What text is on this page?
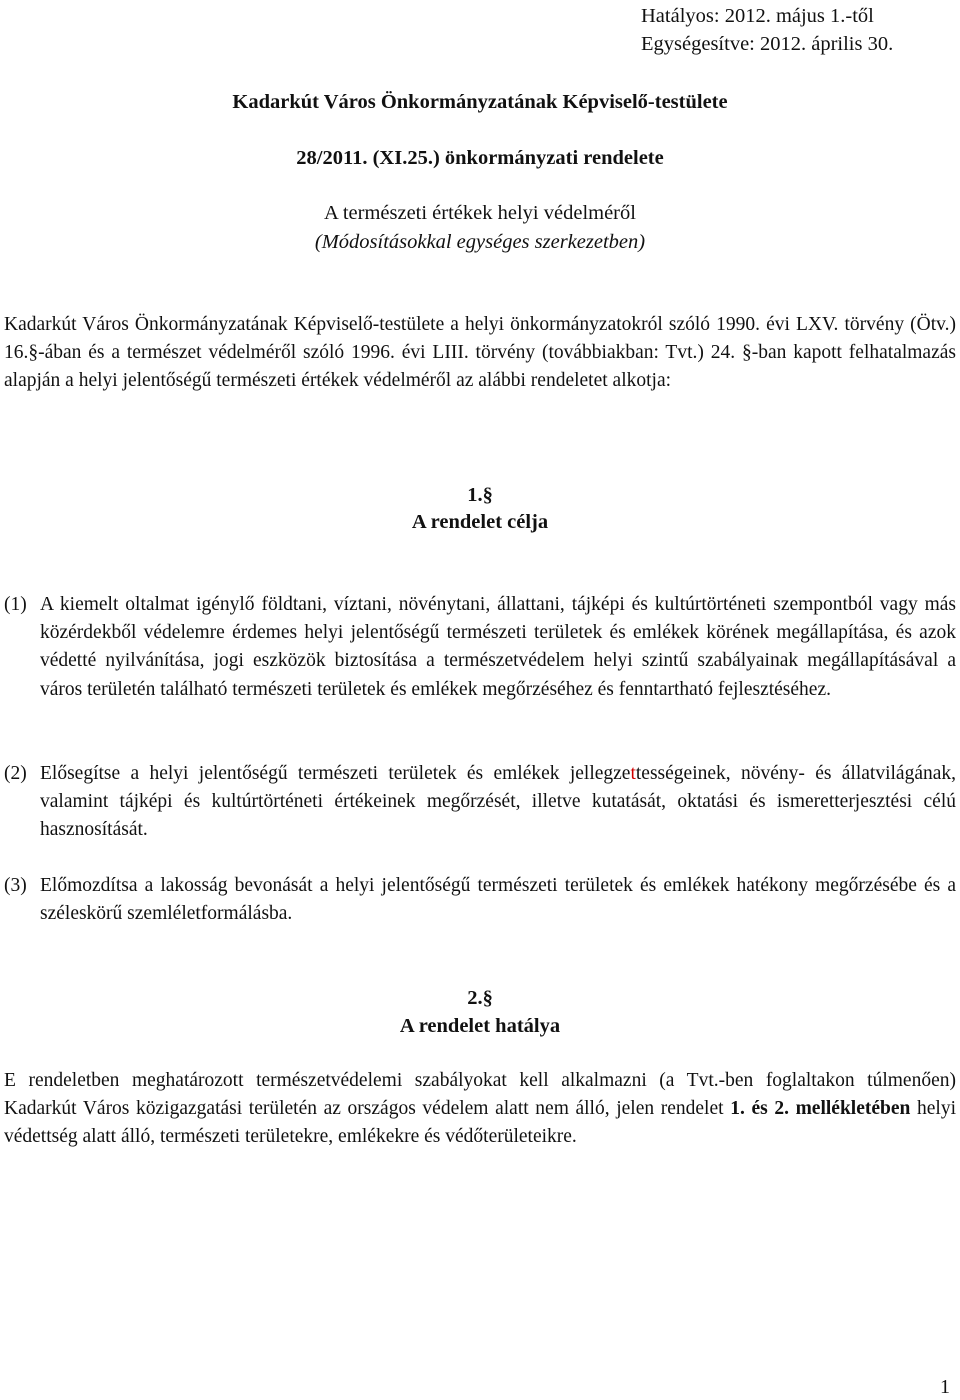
Hatályos: 2012. május 1.-től
Egységesítve: 2012. április 30.
Kadarkút Város Önkormányzatának Képviselő-testülete
28/2011. (XI.25.) önkormányzati rendelete
A természeti értékek helyi védelméről
(Módosításokkal egységes szerkezetben)
Kadarkút Város Önkormányzatának Képviselő-testülete a helyi önkormányzatokról szóló 1990. évi LXV. törvény (Ötv.) 16.§-ában és a természet védelméről szóló 1996. évi LIII. törvény (továbbiakban: Tvt.) 24. §-ban kapott felhatalmazás alapján a helyi jelentőségű természeti értékek védelméről az alábbi rendeletet alkotja:
1.§
A rendelet célja
(1) A kiemelt oltalmat igénylő földtani, víztani, növénytani, állattani, tájképi és kultúrtörténeti szempontból vagy más közérdekből védelemre érdemes helyi jelentőségű természeti területek és emlékek körének megállapítása, és azok védetté nyilvánítása, jogi eszközök biztosítása a természetvédelem helyi szintű szabályainak megállapításával a város területén található természeti területek és emlékek megőrzéséhez és fenntartható fejlesztéséhez.
(2) Elősegítse a helyi jelentőségű természeti területek és emlékek jellegzettességeinek, növény- és állatvilágának, valamint tájképi és kultúrtörténeti értékeinek megőrzését, illetve kutatását, oktatási és ismeretterjesztési célú hasznosítását.
(3) Előmozdítsa a lakosság bevonását a helyi jelentőségű természeti területek és emlékek hatékony megőrzésébe és a széleskörű szemléletformálásba.
2.§
A rendelet hatálya
E rendeletben meghatározott természetvédelemi szabályokat kell alkalmazni (a Tvt.-ben foglaltakon túlmenően) Kadarkút Város közigazgatási területén az országos védelem alatt nem álló, jelen rendelet 1. és 2. mellékletében helyi védettség alatt álló, természeti területekre, emlékekre és védőterületeikre.
1
